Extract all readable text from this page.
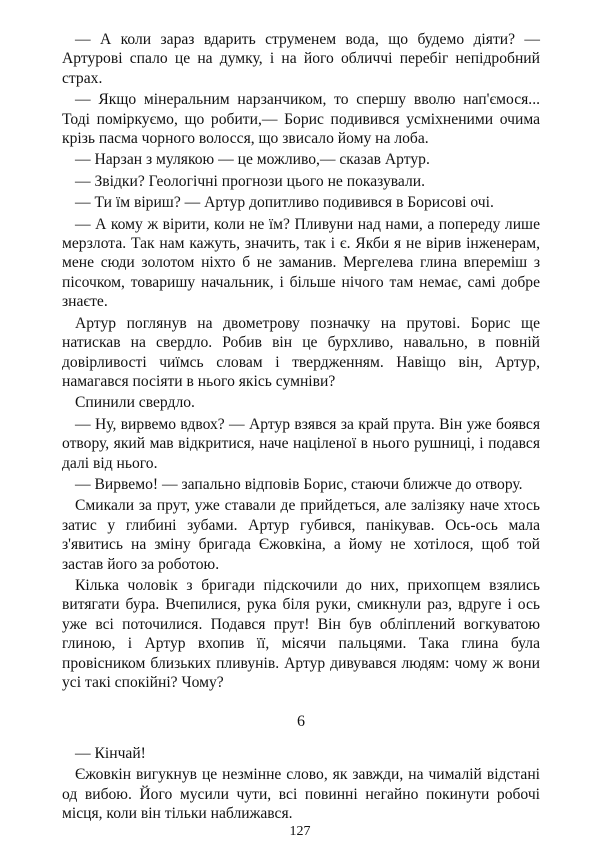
— А коли зараз вдарить струменем вода, що будемо діяти? — Артурові спало це на думку, і на його обличчі перебіг непідробний страх.

— Якщо мінеральним нарзанчиком, то спершу вволю нап'ємося... Тоді поміркуємо, що робити,— Борис подивився усміхненими очима крізь пасма чорного волосся, що звисало йому на лоба.

— Нарзан з мулякою — це можливо,— сказав Артур.

— Звідки? Геологічні прогнози цього не показували.

— Ти їм віриш? — Артур допитливо подивився в Борисові очі.

— А кому ж вірити, коли не їм? Пливуни над нами, а попереду лише мерзлота. Так нам кажуть, значить, так і є. Якби я не вірив інженерам, мене сюди золотом ніхто б не заманив. Мергелева глина впереміш з пісочком, товаришу начальник, і більше нічого там немає, самі добре знаєте.

Артур поглянув на двометрову позначку на прутові. Борис ще натискав на свердло. Робив він це бурхливо, навально, в повній довірливості чиїмсь словам і твердженням. Навіщо він, Артур, намагався посіяти в нього якісь сумніви?

Спинили свердло.

— Ну, вирвемо вдвох? — Артур взявся за край прута. Він уже боявся отвору, який мав відкритися, наче націленої в нього рушниці, і подався далі від нього.

— Вирвемо! — запально відповів Борис, стаючи ближче до отвору.

Смикали за прут, уже ставали де прийдеться, але залізяку наче хтось затис у глибині зубами. Артур губився, панікував. Ось-ось мала з'явитись на зміну бригада Єжовкіна, а йому не хотілося, щоб той застав його за роботою.

Кілька чоловік з бригади підскочили до них, прихопцем взялись витягати бура. Вчепилися, рука біля руки, смикнули раз, вдруге і ось уже всі поточилися. Подався прут! Він був обліплений вогкуватою глиною, і Артур вхопив її, місячи пальцями. Така глина була провісником близьких пливунів. Артур дивувався людям: чому ж вони усі такі спокійні? Чому?

6

— Кінчай!

Єжовкін вигукнув це незмінне слово, як завжди, на чималій відстані од вибою. Його мусили чути, всі повинні негайно покинути робочі місця, коли він тільки наближався.

127
